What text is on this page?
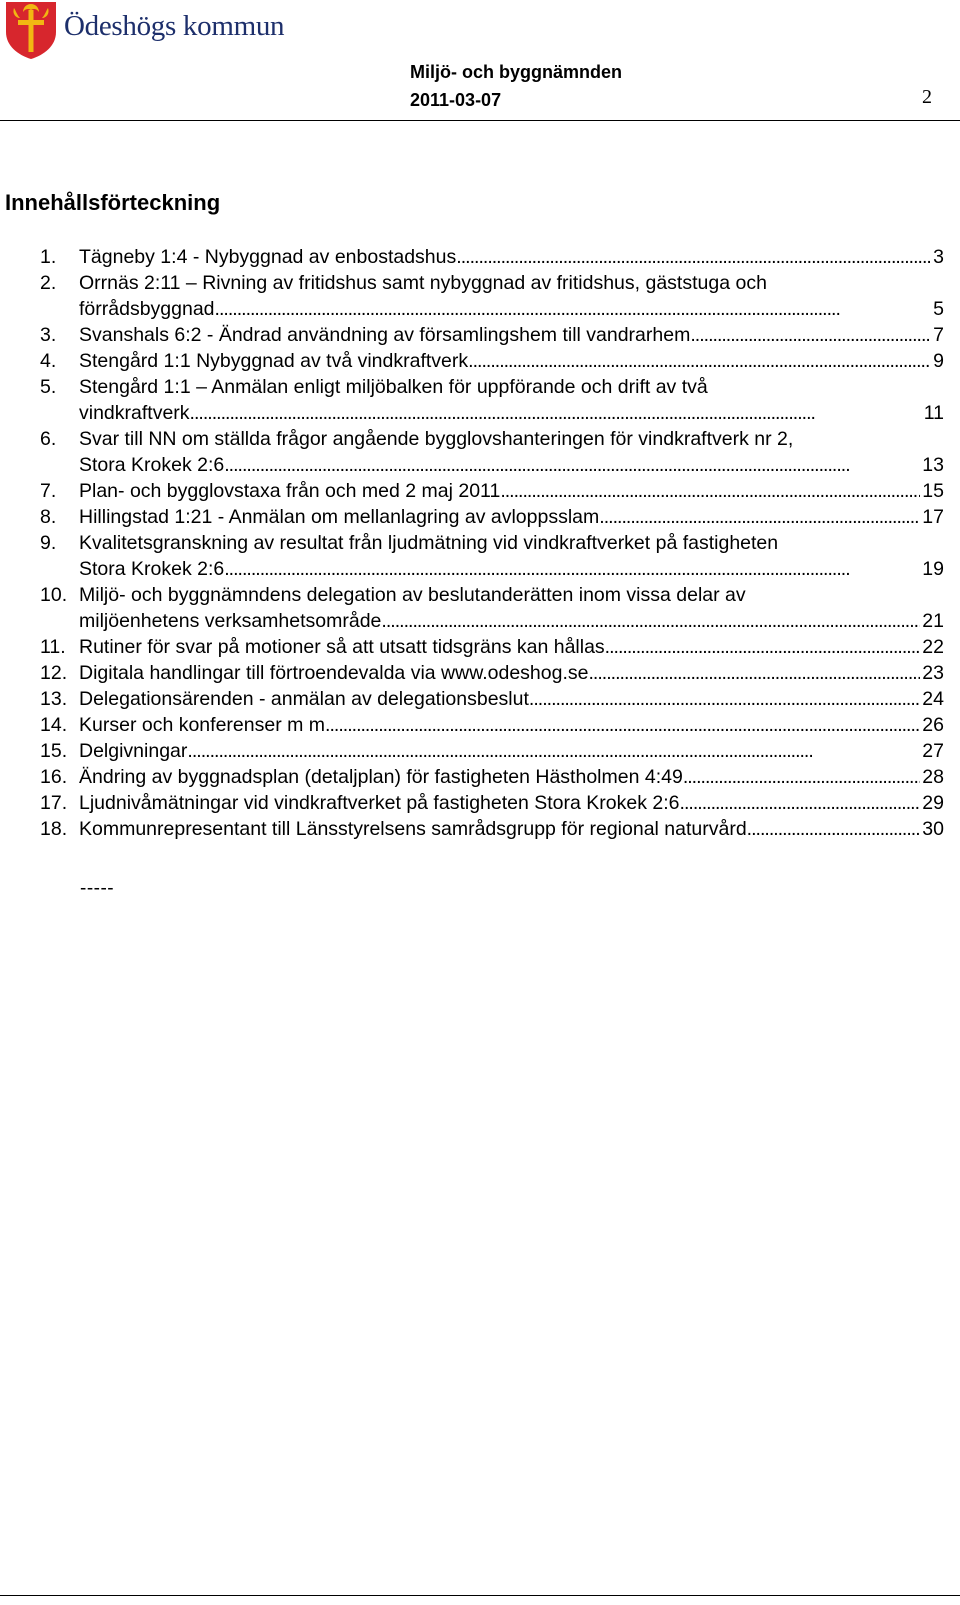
Ödeshögs kommun
Miljö- och byggnämnden
2011-03-07	2
Innehållsförteckning
1.	Tägneby 1:4 - Nybyggnad av enbostadshus . . .	3
2.	Orrnäs 2:11 – Rivning av fritidshus samt nybyggnad av fritidshus, gäststuga och
förrådsbyggnad . . .	5
3.	Svanshals 6:2 - Ändrad användning av församlingshem till vandrarhem . . .	7
4.	Stengård 1:1 Nybyggnad av två vindkraftverk . . .	9
5.	Stengård 1:1 – Anmälan enligt miljöbalken för uppförande och drift av två
vindkraftverk . . .	11
6.	Svar till NN om ställda frågor angående bygglovshanteringen för vindkraftverk nr 2,
Stora Krokek 2:6 . . .	13
7.	Plan- och bygglovstaxa från och med 2 maj 2011 . . .	15
8.	Hillingstad 1:21 - Anmälan om mellanlagring av avloppsslam . . .	17
9.	Kvalitetsgranskning av resultat från ljudmätning vid vindkraftverket på fastigheten
Stora Krokek 2:6 . . .	19
10. Miljö- och byggnämndens delegation av beslutanderätten inom vissa delar av
miljöenhetens verksamhetsområde . . .	21
11. Rutiner för svar på motioner så att utsatt tidsgräns kan hållas . . .	22
12. Digitala handlingar till förtroendevalda via www.odeshog.se . . .	23
13. Delegationsärenden - anmälan av delegationsbeslut . . .	24
14. Kurser och konferenser m m . . .	26
15. Delgivningar . . .	27
16. Ändring av byggnadsplan (detaljplan) för fastigheten Hästholmen 4:49 . . .	28
17. Ljudnivåmätningar vid vindkraftverket på fastigheten Stora Krokek 2:6 . . .	29
18. Kommunrepresentant till Länsstyrelsens samrådsgrupp för regional naturvård . . .	30
-----
